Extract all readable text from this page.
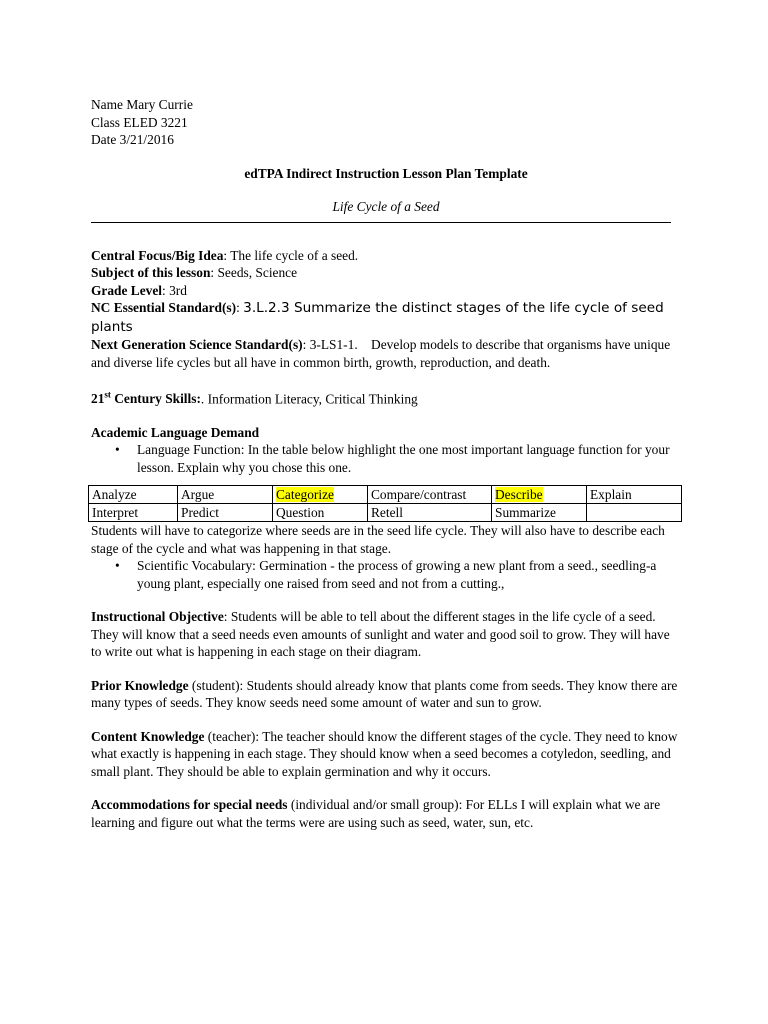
Name Mary Currie
Class ELED 3221
Date 3/21/2016
edTPA Indirect Instruction Lesson Plan Template
Life Cycle of a Seed
Central Focus/Big Idea: The life cycle of a seed.
Subject of this lesson: Seeds, Science
Grade Level: 3rd
NC Essential Standard(s): 3.L.2.3 Summarize the distinct stages of the life cycle of seed plants
Next Generation Science Standard(s): 3-LS1-1.    Develop models to describe that organisms have unique and diverse life cycles but all have in common birth, growth, reproduction, and death.
21st Century Skills:. Information Literacy, Critical Thinking
Academic Language Demand
• Language Function: In the table below highlight the one most important language function for your lesson. Explain why you chose this one.
Analyze	Argue	Categorize	Compare/contrast	Describe	Explain
Interpret	Predict	Question	Retell	Summarize	
Students will have to categorize where seeds are in the seed life cycle. They will also have to describe each stage of the cycle and what was happening in that stage.
• Scientific Vocabulary: Germination - the process of growing a new plant from a seed., seedling-a young plant, especially one raised from seed and not from a cutting.,
Instructional Objective: Students will be able to tell about the different stages in the life cycle of a seed. They will know that a seed needs even amounts of sunlight and water and good soil to grow. They will have to write out what is happening in each stage on their diagram.
Prior Knowledge (student): Students should already know that plants come from seeds. They know there are many types of seeds. They know seeds need some amount of water and sun to grow.
Content Knowledge (teacher): The teacher should know the different stages of the cycle. They need to know what exactly is happening in each stage. They should know when a seed becomes a cotyledon, seedling, and small plant. They should be able to explain germination and why it occurs.
Accommodations for special needs (individual and/or small group): For ELLs I will explain what we are learning and figure out what the terms were are using such as seed, water, sun, etc.
